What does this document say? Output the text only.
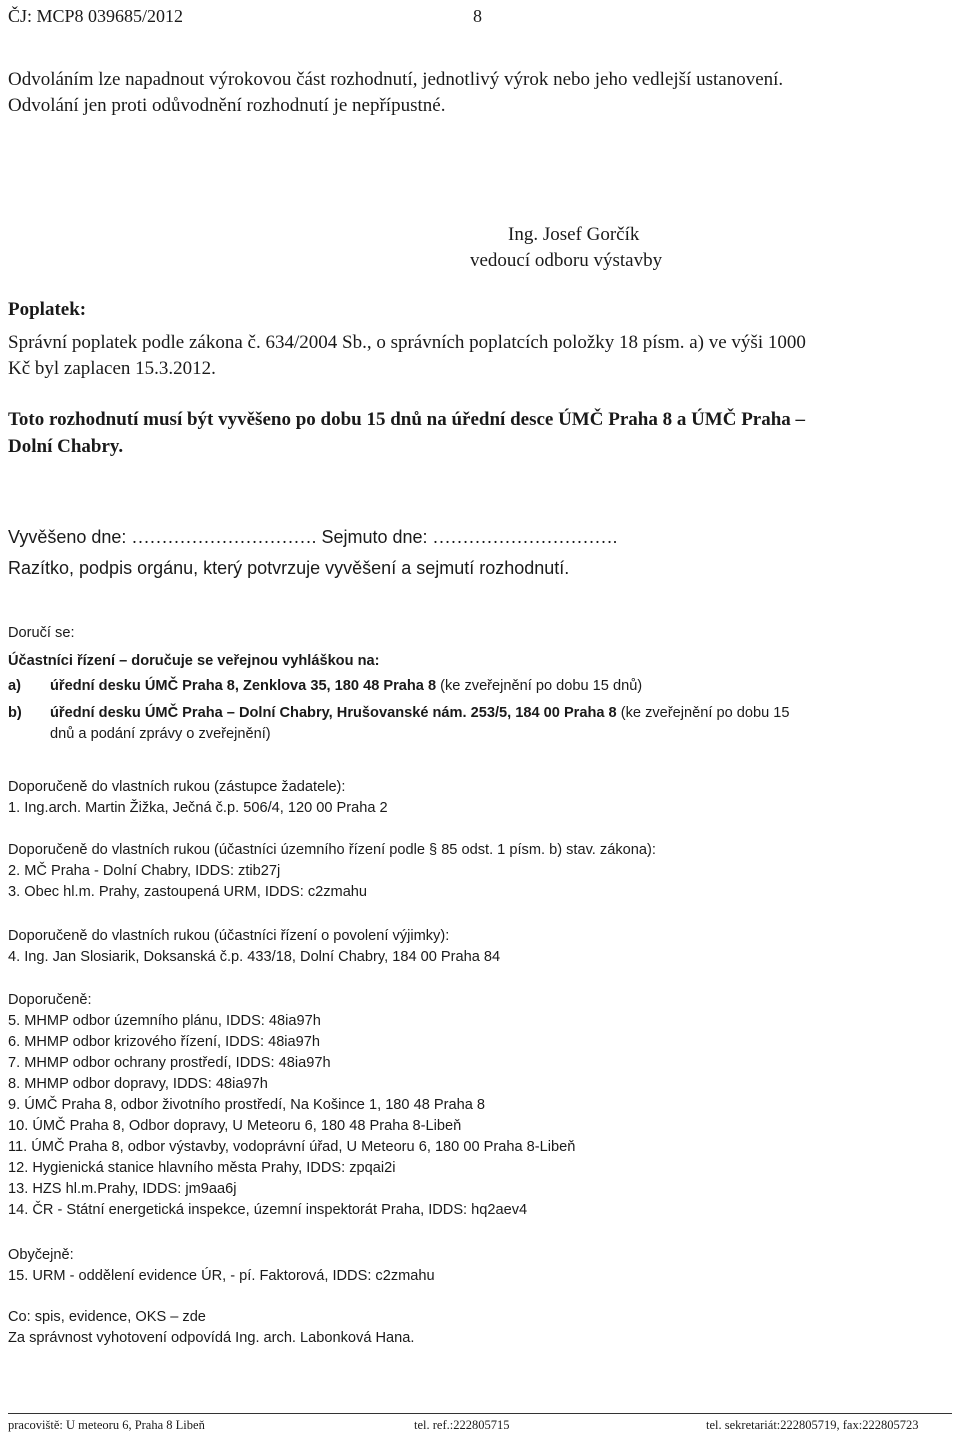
ČJ: MCP8 039685/2012	8
Odvoláním lze napadnout výrokovou část rozhodnutí, jednotlivý výrok nebo jeho vedlejší ustanovení.
Odvolání jen proti odůvodnění rozhodnutí je nepřípustné.
Ing. Josef Gorčík
vedoucí odboru výstavby
Poplatek:
Správní poplatek podle zákona č. 634/2004 Sb., o správních poplatcích položky 18 písm. a) ve výši 1000
Kč byl zaplacen 15.3.2012.
Toto rozhodnutí musí být vyvěšeno po dobu 15 dnů na úřední desce ÚMČ Praha 8 a ÚMČ Praha –
Dolní Chabry.
Vyvěšeno dne: …………………………. Sejmuto dne: ………………………….
Razítko, podpis orgánu, který potvrzuje vyvěšení a sejmutí rozhodnutí.
Doručí se:
Účastníci řízení – doručuje se veřejnou vyhláškou na:
a) úřední desku ÚMČ Praha 8, Zenklova 35, 180 48 Praha 8 (ke zveřejnění po dobu 15 dnů)
b) úřední desku ÚMČ Praha – Dolní Chabry, Hrušovanské nám. 253/5, 184 00 Praha 8 (ke zveřejnění po dobu 15
dnů a podání zprávy o zveřejnění)
Doporučeně do vlastních rukou (zástupce žadatele):
1. Ing.arch. Martin Žižka, Ječná č.p. 506/4, 120 00 Praha 2
Doporučeně do vlastních rukou (účastníci územního řízení podle § 85 odst. 1 písm. b) stav. zákona):
2. MČ Praha - Dolní Chabry, IDDS: ztib27j
3. Obec hl.m. Prahy, zastoupená URM, IDDS: c2zmahu
Doporučeně do vlastních rukou (účastníci řízení o povolení výjimky):
4. Ing. Jan Slosiarik, Doksanská č.p. 433/18, Dolní Chabry, 184 00 Praha 84
Doporučeně:
5. MHMP odbor územního plánu, IDDS: 48ia97h
6. MHMP odbor krizového řízení, IDDS: 48ia97h
7. MHMP odbor ochrany prostředí, IDDS: 48ia97h
8. MHMP odbor dopravy, IDDS: 48ia97h
9. ÚMČ Praha 8, odbor životního prostředí, Na Košince 1, 180 48 Praha 8
10. ÚMČ Praha 8, Odbor dopravy, U Meteoru 6, 180 48 Praha 8-Libeň
11. ÚMČ Praha 8, odbor výstavby, vodoprávní úřad, U Meteoru 6, 180 00 Praha 8-Libeň
12. Hygienická stanice hlavního města Prahy, IDDS: zpqai2i
13. HZS hl.m.Prahy, IDDS: jm9aa6j
14. ČR - Státní energetická inspekce, územní inspektorát Praha, IDDS: hq2aev4
Obyčejně:
15. URM - oddělení evidence ÚR, - pí. Faktorová, IDDS: c2zmahu
Co: spis, evidence, OKS – zde
Za správnost vyhotovení odpovídá Ing. arch. Labonková Hana.
pracoviště: U meteoru 6, Praha 8 Libeň	tel. ref.:222805715	tel. sekretariát:222805719, fax:222805723
